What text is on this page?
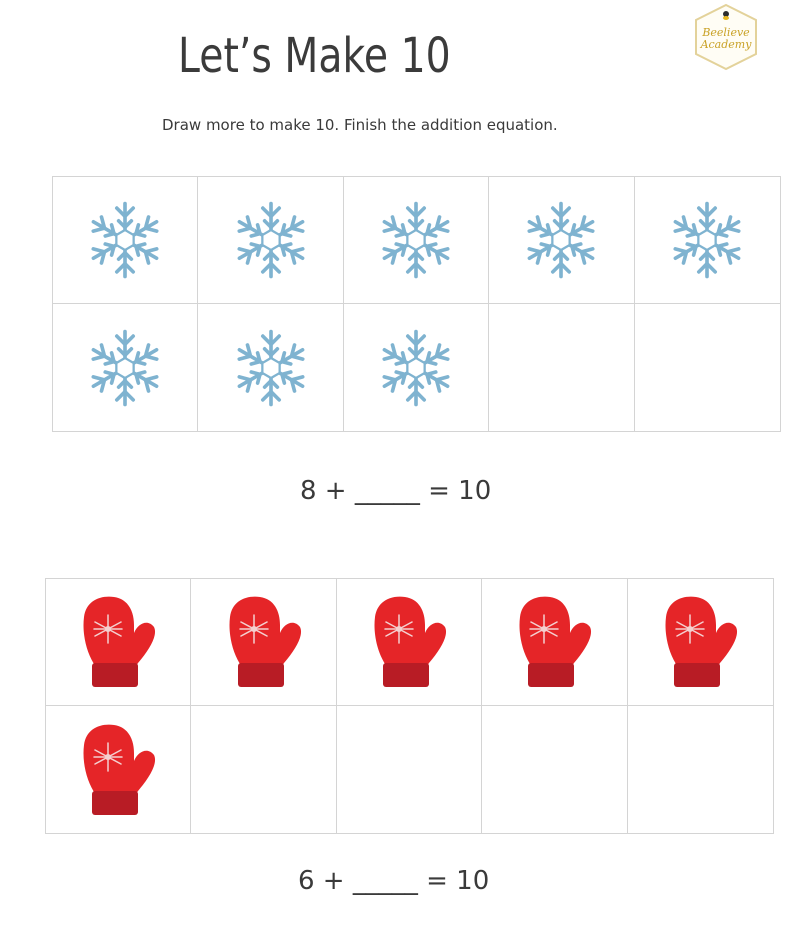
Let’s Make 10	Beelieve
Academy

Draw more to make 10. Finish the addition equation.

8 + _____ = 10

6 + _____ = 10
